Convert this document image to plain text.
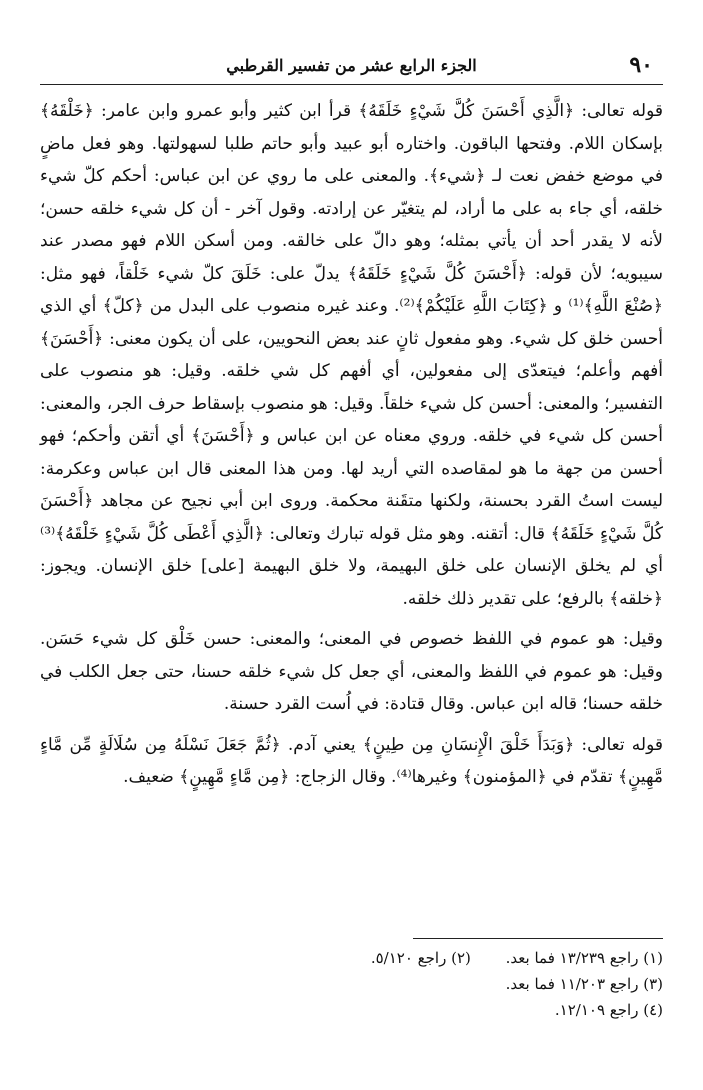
٩٠
الجزء الرابع عشر من تفسير القرطبي

قوله تعالى: ﴿الَّذِي أَحْسَنَ كُلَّ شَيْءٍ خَلَقَهُ﴾ قرأ ابن كثير وأبو عمرو وابن عامر: ﴿خَلْقَهُ﴾ بإسكان اللام. وفتحها الباقون. واختاره أبو عبيد وأبو حاتم طلبا لسهولتها. وهو فعل ماضٍ في موضع خفض نعت لـ ﴿شيء﴾. والمعنى على ما روي عن ابن عباس: أحكم كلّ شيء خلقه، أي جاء به على ما أراد، لم يتغيّر عن إرادته. وقول آخر - أن كل شيء خلقه حسن؛ لأنه لا يقدر أحد أن يأتي بمثله؛ وهو دالّ على خالقه. ومن أسكن اللام فهو مصدر عند سيبويه؛ لأن قوله: ﴿أَحْسَنَ كُلَّ شَيْءٍ خَلَقَهُ﴾ يدلّ على: خَلَقَ كلّ شيء خَلْقاً، فهو مثل: ﴿صُنْعَ اللَّهِ﴾⁽¹⁾ و ﴿كِتَابَ اللَّهِ عَلَيْكُمْ﴾⁽²⁾. وعند غيره منصوب على البدل من ﴿كلّ﴾ أي الذي أحسن خلق كل شيء. وهو مفعول ثانٍ عند بعض النحويين، على أن يكون معنى: ﴿أَحْسَنَ﴾ أفهم وأعلم؛ فيتعدّى إلى مفعولين، أي أفهم كل شي خلقه. وقيل: هو منصوب على التفسير؛ والمعنى: أحسن كل شيء خلقاً. وقيل: هو منصوب بإسقاط حرف الجر، والمعنى: أحسن كل شيء في خلقه. وروي معناه عن ابن عباس و ﴿أَحْسَنَ﴾ أي أتقن وأحكم؛ فهو أحسن من جهة ما هو لمقاصده التي أريد لها. ومن هذا المعنى قال ابن عباس وعكرمة: ليست استُ القرد بحسنة، ولكنها متقَنة محكمة. وروى ابن أبي نجيح عن مجاهد ﴿أَحْسَنَ كُلَّ شَيْءٍ خَلَقَهُ﴾ قال: أتقنه. وهو مثل قوله تبارك وتعالى: ﴿الَّذِي أَعْطَى كُلَّ شَيْءٍ خَلْقَهُ﴾⁽³⁾ أي لم يخلق الإنسان على خلق البهيمة، ولا خلق البهيمة [على] خلق الإنسان. ويجوز: ﴿خلقه﴾ بالرفع؛ على تقدير ذلك خلقه.

وقيل: هو عموم في اللفظ خصوص في المعنى؛ والمعنى: حسن خَلْق كل شيء حَسَن. وقيل: هو عموم في اللفظ والمعنى، أي جعل كل شيء خلقه حسنا، حتى جعل الكلب في خلقه حسنا؛ قاله ابن عباس. وقال قتادة: في اُست القرد حسنة.

قوله تعالى: ﴿وَبَدَأَ خَلْقَ الْإِنسَانِ مِن طِينٍ﴾ يعني آدم. ﴿ثُمَّ جَعَلَ نَسْلَهُ مِن سُلَالَةٍ مِّن مَّاءٍ مَّهِينٍ﴾ تقدّم في ﴿المؤمنون﴾ وغيرها⁽⁴⁾. وقال الزجاج: ﴿مِن مَّاءٍ مَّهِينٍ﴾ ضعيف.

(١) راجع ١٣/٢٣٩ فما بعد. (٢) راجع ٥/١٢٠.
(٣) راجع ١١/٢٠٣ فما بعد.
(٤) راجع ١٢/١٠٩.
